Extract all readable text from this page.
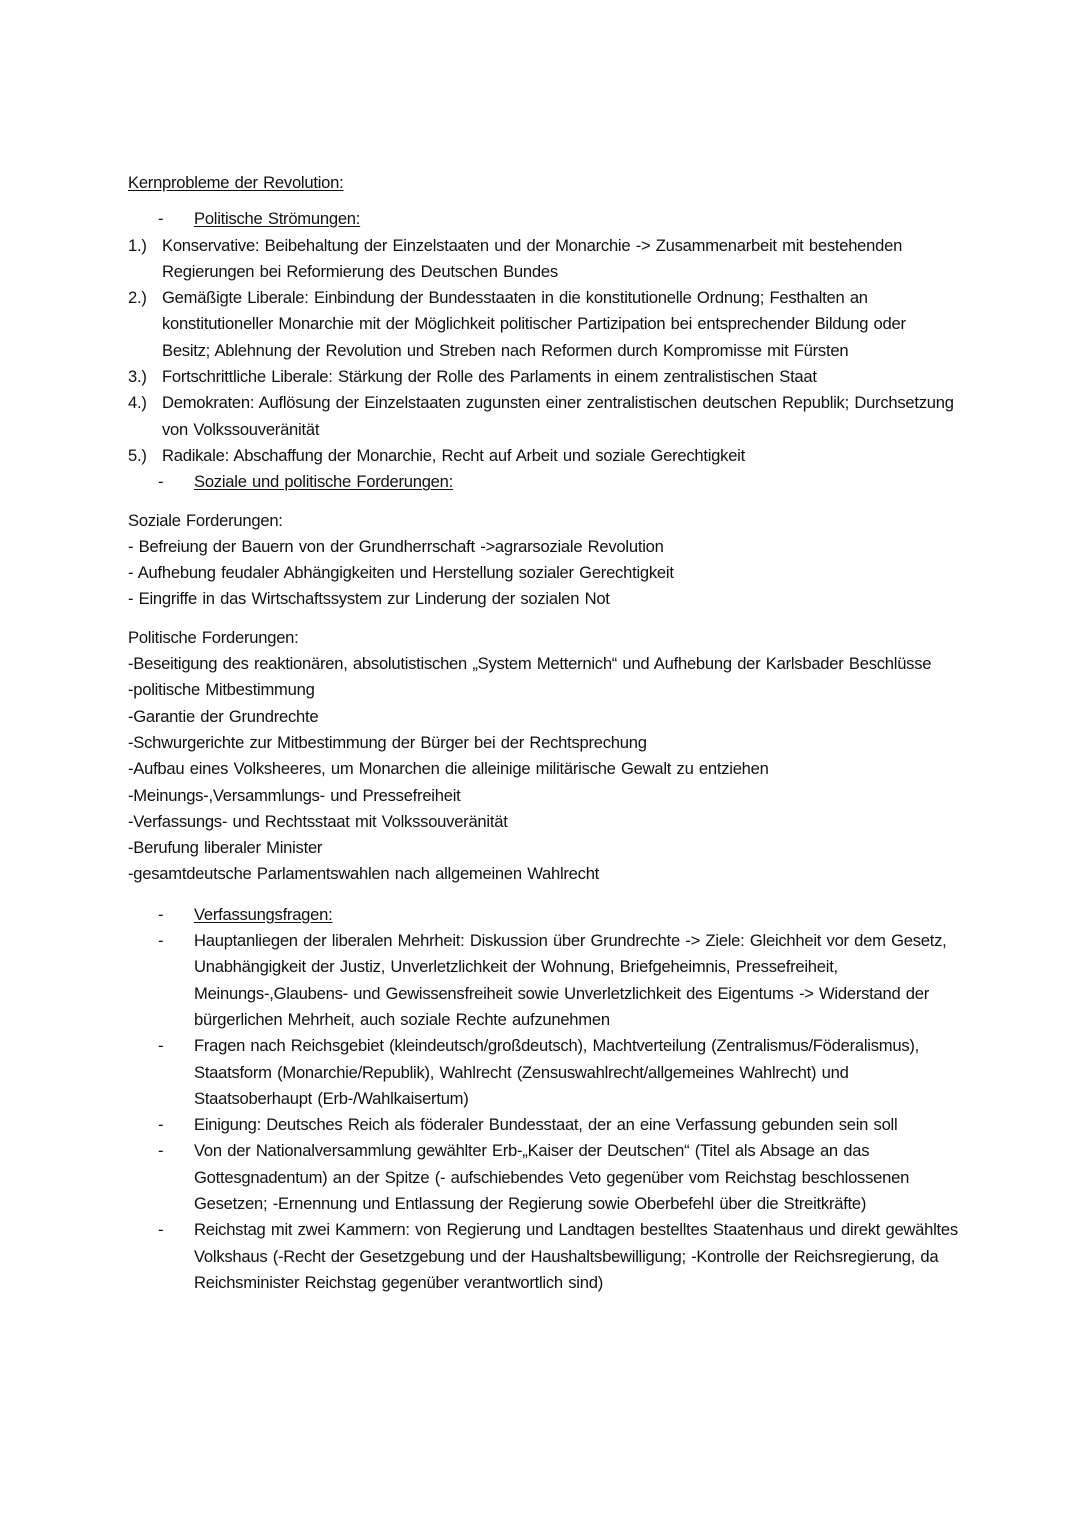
Kernprobleme der Revolution:
- Politische Strömungen:
1.) Konservative: Beibehaltung der Einzelstaaten und der Monarchie -> Zusammenarbeit mit bestehenden Regierungen bei Reformierung des Deutschen Bundes
2.) Gemäßigte Liberale: Einbindung der Bundesstaaten in die konstitutionelle Ordnung; Festhalten an konstitutioneller Monarchie mit der Möglichkeit politischer Partizipation bei entsprechender Bildung oder Besitz; Ablehnung der Revolution und Streben nach Reformen durch Kompromisse mit Fürsten
3.) Fortschrittliche Liberale: Stärkung der Rolle des Parlaments in einem zentralistischen Staat
4.) Demokraten: Auflösung der Einzelstaaten zugunsten einer zentralistischen deutschen Republik; Durchsetzung von Volkssouveränität
5.) Radikale: Abschaffung der Monarchie, Recht auf Arbeit und soziale Gerechtigkeit
- Soziale und politische Forderungen:
Soziale Forderungen:
- Befreiung der Bauern von der Grundherrschaft ->agrarsoziale Revolution
- Aufhebung feudaler Abhängigkeiten und Herstellung sozialer Gerechtigkeit
- Eingriffe in das Wirtschaftssystem zur Linderung der sozialen Not
Politische Forderungen:
-Beseitigung des reaktionären, absolutistischen „System Metternich“ und Aufhebung der Karlsbader Beschlüsse
-politische Mitbestimmung
-Garantie der Grundrechte
-Schwurgerichte zur Mitbestimmung der Bürger bei der Rechtsprechung
-Aufbau eines Volksheeres, um Monarchen die alleinige militärische Gewalt zu entziehen
-Meinungs-,Versammlungs- und Pressefreiheit
-Verfassungs- und Rechtsstaat mit Volkssouveränität
-Berufung liberaler Minister
-gesamtdeutsche Parlamentswahlen nach allgemeinen Wahlrecht
- Verfassungsfragen:
- Hauptanliegen der liberalen Mehrheit: Diskussion über Grundrechte -> Ziele: Gleichheit vor dem Gesetz, Unabhängigkeit der Justiz, Unverletzlichkeit der Wohnung, Briefgeheimnis, Pressefreiheit, Meinungs-,Glaubens- und Gewissensfreiheit sowie Unverletzlichkeit des Eigentums -> Widerstand der bürgerlichen Mehrheit, auch soziale Rechte aufzunehmen
- Fragen nach Reichsgebiet (kleindeutsch/großdeutsch), Machtverteilung (Zentralismus/Föderalismus), Staatsform (Monarchie/Republik), Wahlrecht (Zensuswahlrecht/allgemeines Wahlrecht) und Staatsoberhaupt (Erb-/Wahlkaisertum)
- Einigung: Deutsches Reich als föderaler Bundesstaat, der an eine Verfassung gebunden sein soll
- Von der Nationalversammlung gewählter Erb-„Kaiser der Deutschen“ (Titel als Absage an das Gottesgnadentum) an der Spitze (- aufschiebendes Veto gegenüber vom Reichstag beschlossenen Gesetzen; -Ernennung und Entlassung der Regierung sowie Oberbefehl über die Streitkräfte)
- Reichstag mit zwei Kammern: von Regierung und Landtagen bestelltes Staatenhaus und direkt gewähltes Volkshaus (-Recht der Gesetzgebung und der Haushaltsbewilligung; -Kontrolle der Reichsregierung, da Reichsminister Reichstag gegenüber verantwortlich sind)
